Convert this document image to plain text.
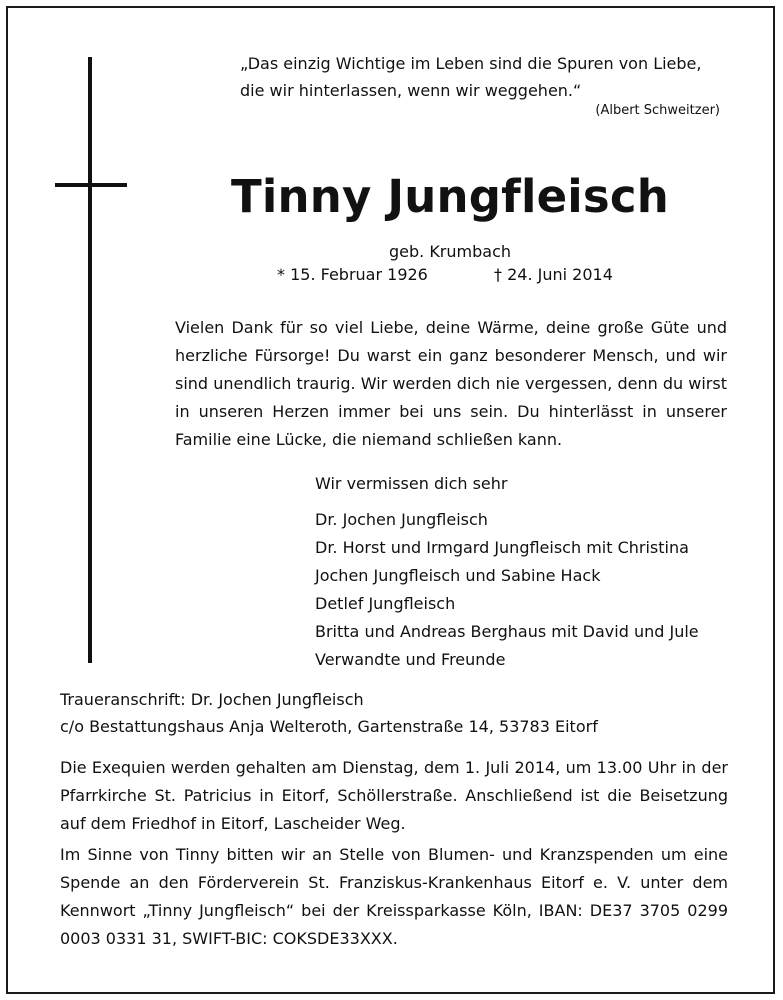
„Das einzig Wichtige im Leben sind die Spuren von Liebe,
die wir hinterlassen, wenn wir weggehen.“
(Albert Schweitzer)
Tinny Jungfleisch
geb. Krumbach
* 15. Februar 1926	† 24. Juni 2014
Vielen Dank für so viel Liebe, deine Wärme, deine große Güte und herzliche Fürsorge! Du warst ein ganz besonderer Mensch, und wir sind unendlich traurig. Wir werden dich nie vergessen, denn du wirst in unseren Herzen immer bei uns sein. Du hinterlässt in unserer Familie eine Lücke, die niemand schließen kann.
Wir vermissen dich sehr
Dr. Jochen Jungfleisch
Dr. Horst und Irmgard Jungfleisch mit Christina
Jochen Jungfleisch und Sabine Hack
Detlef Jungfleisch
Britta und Andreas Berghaus mit David und Jule
Verwandte und Freunde
Traueranschrift: Dr. Jochen Jungfleisch
c/o Bestattungshaus Anja Welteroth, Gartenstraße 14, 53783 Eitorf
Die Exequien werden gehalten am Dienstag, dem 1. Juli 2014, um 13.00 Uhr in der Pfarrkirche St. Patricius in Eitorf, Schöllerstraße. Anschließend ist die Beisetzung auf dem Friedhof in Eitorf, Lascheider Weg.
Im Sinne von Tinny bitten wir an Stelle von Blumen- und Kranzspenden um eine Spende an den Förderverein St. Franziskus-Krankenhaus Eitorf e. V. unter dem Kennwort „Tinny Jungfleisch“ bei der Kreissparkasse Köln, IBAN: DE37 3705 0299 0003 0331 31, SWIFT-BIC: COKSDE33XXX.
